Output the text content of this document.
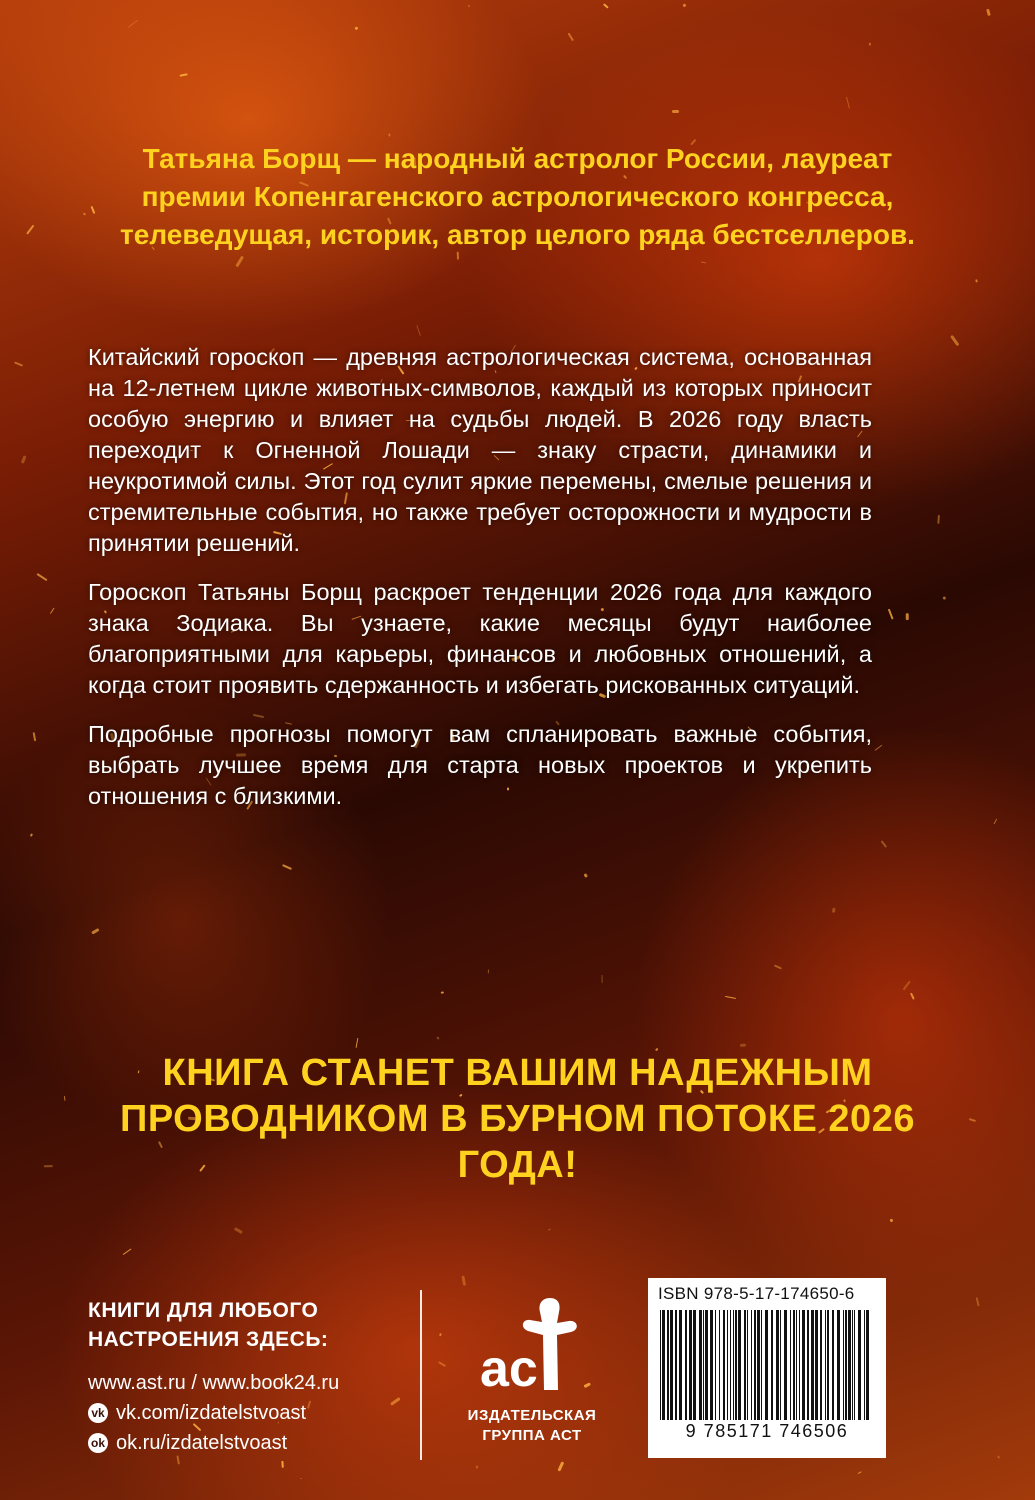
Татьяна Борщ — народный астролог России, лауреат премии Копенгагенского астрологического конгресса, телеведущая, историк, автор целого ряда бестселлеров.

Китайский гороскоп — древняя астрологическая система, основанная на 12-летнем цикле животных-символов, каждый из которых приносит особую энергию и влияет на судьбы людей. В 2026 году власть переходит к Огненной Лошади — знаку страсти, динамики и неукротимой силы. Этот год сулит яркие перемены, смелые решения и стремительные события, но также требует осторожности и мудрости в принятии решений.

Гороскоп Татьяны Борщ раскроет тенденции 2026 года для каждого знака Зодиака. Вы узнаете, какие месяцы будут наиболее благоприятными для карьеры, финансов и любовных отношений, а когда стоит проявить сдержанность и избегать рискованных ситуаций.

Подробные прогнозы помогут вам спланировать важные события, выбрать лучшее время для старта новых проектов и укрепить отношения с близкими.

КНИГА СТАНЕТ ВАШИМ НАДЕЖНЫМ ПРОВОДНИКОМ В БУРНОМ ПОТОКЕ 2026 ГОДА!
КНИГИ ДЛЯ ЛЮБОГО НАСТРОЕНИЯ ЗДЕСЬ:
www.ast.ru / www.book24.ru
vk vk.com/izdatelstvoast
ok ok.ru/izdatelstvoast
ac
ИЗДАТЕЛЬСКАЯ ГРУППА АСТ
ISBN 978-5-17-174650-6
9 785171 746506
